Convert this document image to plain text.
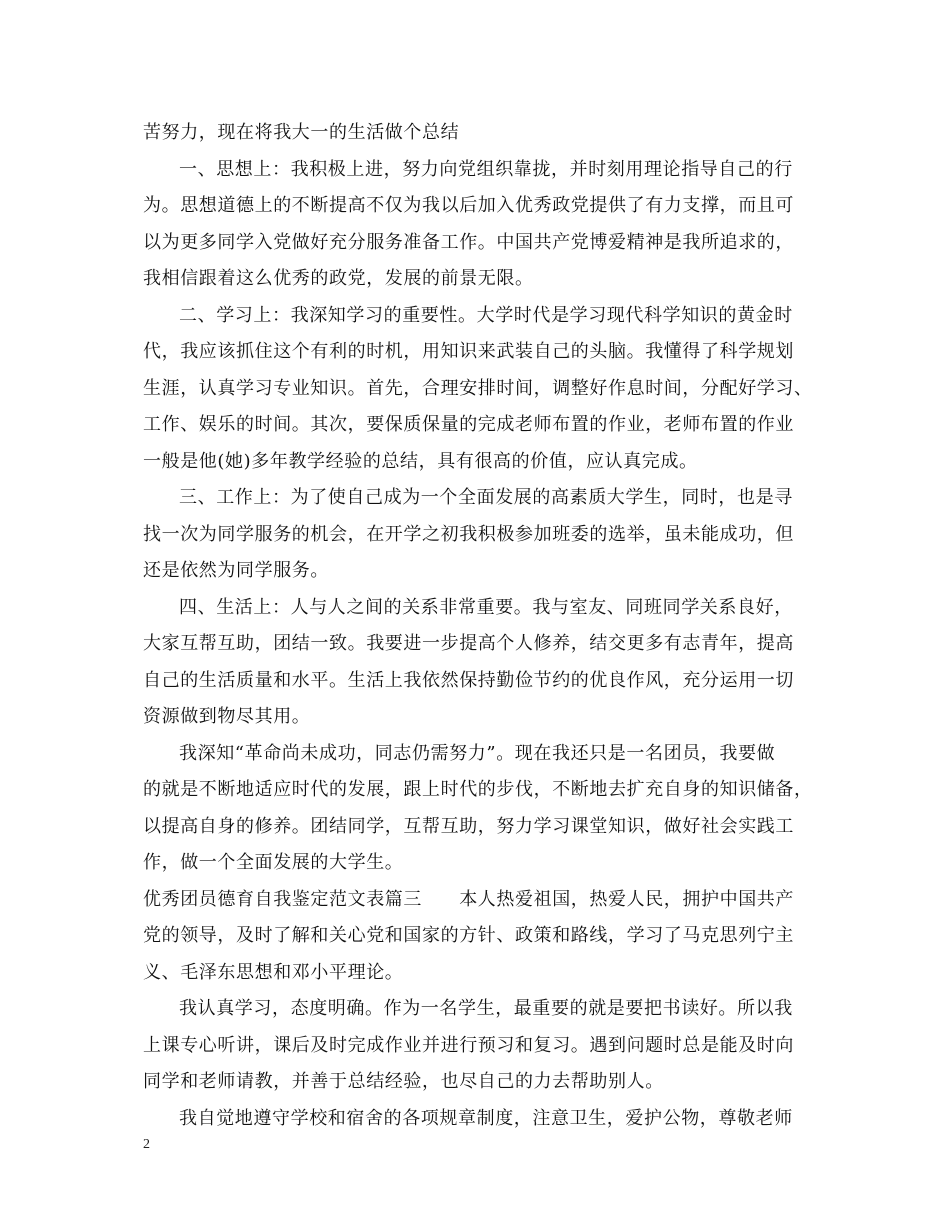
苦努力，现在将我大一的生活做个总结
一、思想上：我积极上进，努力向党组织靠拢，并时刻用理论指导自己的行
为。思想道德上的不断提高不仅为我以后加入优秀政党提供了有力支撑，而且可
以为更多同学入党做好充分服务准备工作。中国共产党博爱精神是我所追求的，
我相信跟着这么优秀的政党，发展的前景无限。
二、学习上：我深知学习的重要性。大学时代是学习现代科学知识的黄金时
代，我应该抓住这个有利的时机，用知识来武装自己的头脑。我懂得了科学规划
生涯，认真学习专业知识。首先，合理安排时间，调整好作息时间，分配好学习、
工作、娱乐的时间。其次，要保质保量的完成老师布置的作业，老师布置的作业
一般是他(她)多年教学经验的总结，具有很高的价值，应认真完成。
三、工作上：为了使自己成为一个全面发展的高素质大学生，同时，也是寻
找一次为同学服务的机会，在开学之初我积极参加班委的选举，虽未能成功，但
还是依然为同学服务。
四、生活上：人与人之间的关系非常重要。我与室友、同班同学关系良好，
大家互帮互助，团结一致。我要进一步提高个人修养，结交更多有志青年，提高
自己的生活质量和水平。生活上我依然保持勤俭节约的优良作风，充分运用一切
资源做到物尽其用。
我深知“革命尚未成功，同志仍需努力”。现在我还只是一名团员，我要做
的就是不断地适应时代的发展，跟上时代的步伐，不断地去扩充自身的知识储备，
以提高自身的修养。团结同学，互帮互助，努力学习课堂知识，做好社会实践工
作，做一个全面发展的大学生。
优秀团员德育自我鉴定范文表篇三　　本人热爱祖国，热爱人民，拥护中国共产
党的领导，及时了解和关心党和国家的方针、政策和路线，学习了马克思列宁主
义、毛泽东思想和邓小平理论。
我认真学习，态度明确。作为一名学生，最重要的就是要把书读好。所以我
上课专心听讲，课后及时完成作业并进行预习和复习。遇到问题时总是能及时向
同学和老师请教，并善于总结经验，也尽自己的力去帮助别人。
我自觉地遵守学校和宿舍的各项规章制度，注意卫生，爱护公物，尊敬老师
2
